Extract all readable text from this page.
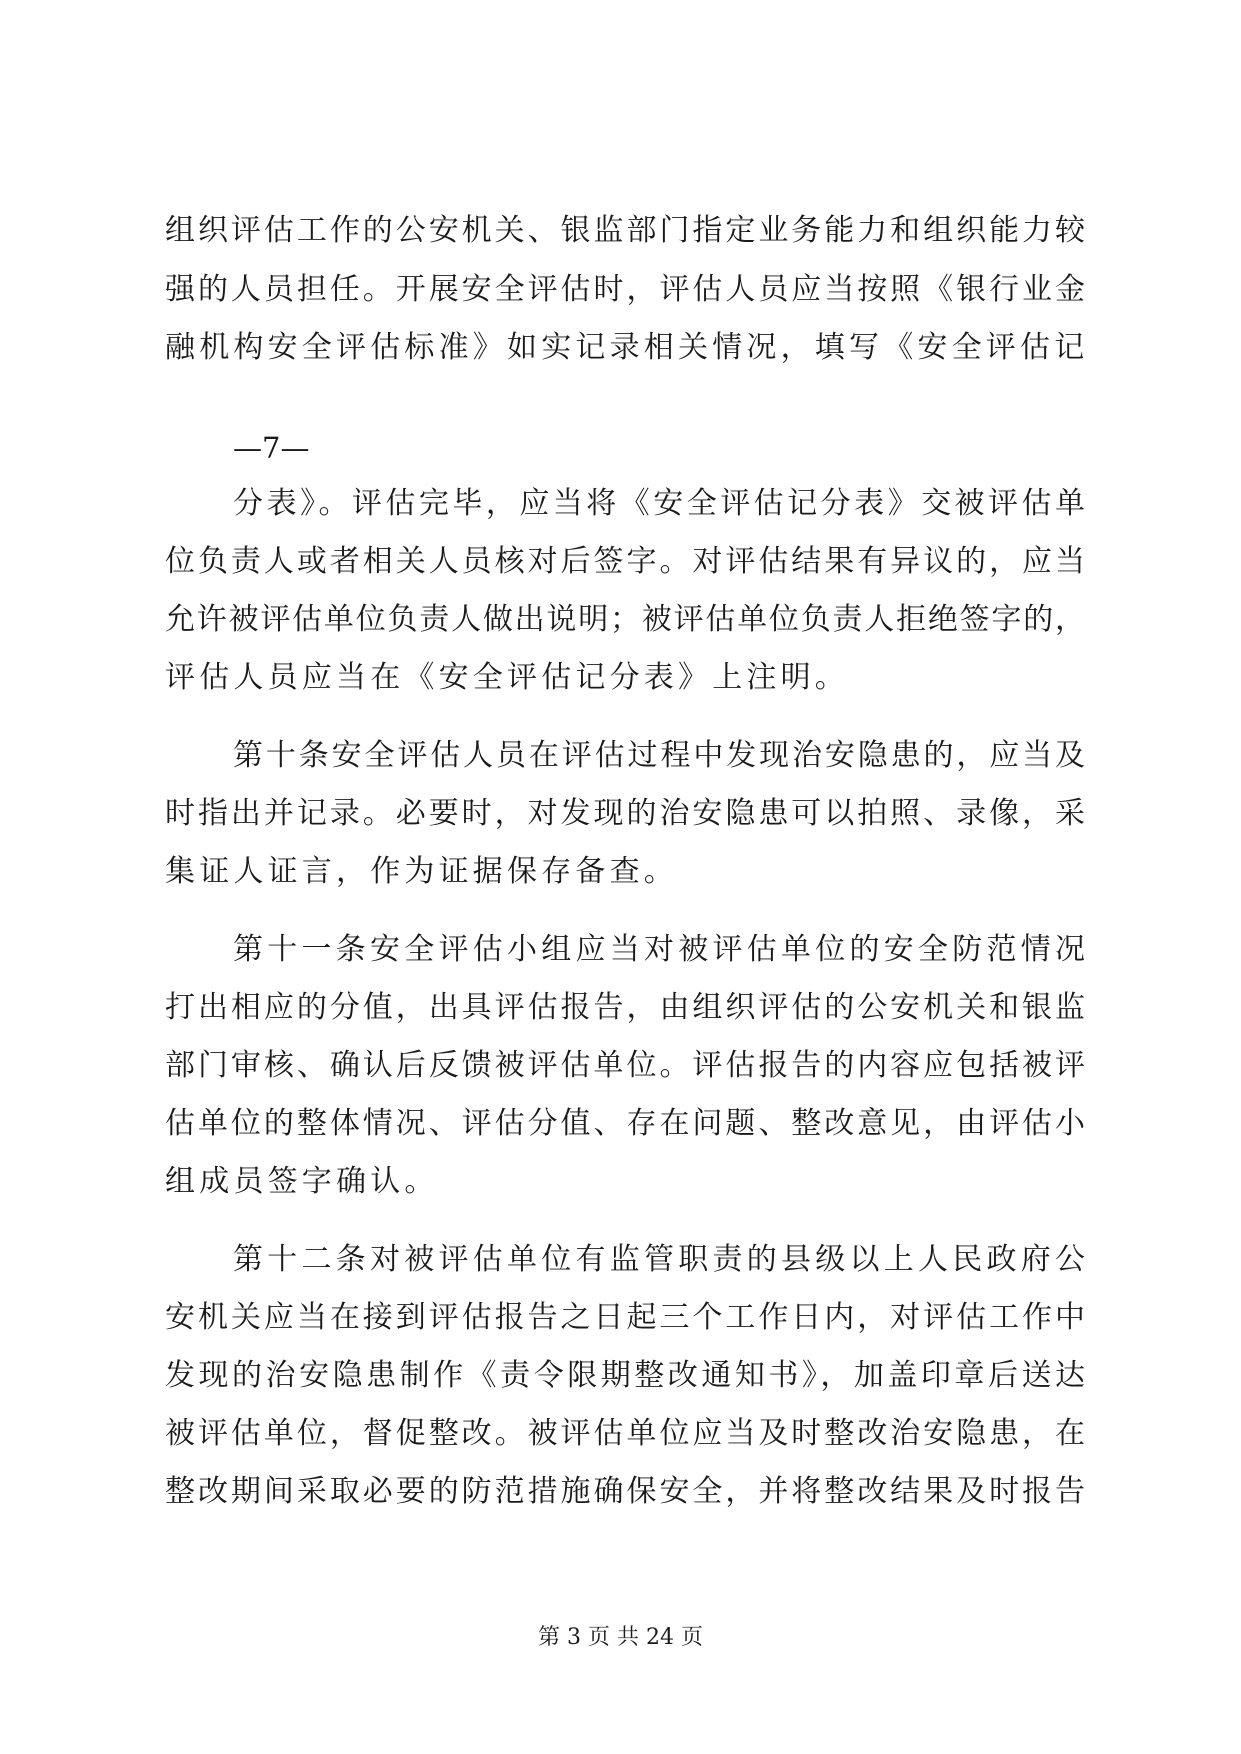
组织评估工作的公安机关、银监部门指定业务能力和组织能力较
强的人员担任。开展安全评估时，评估人员应当按照《银行业金
融机构安全评估标准》如实记录相关情况，填写《安全评估记
—7—
分表》。评估完毕，应当将《安全评估记分表》交被评估单
位负责人或者相关人员核对后签字。对评估结果有异议的，应当
允许被评估单位负责人做出说明；被评估单位负责人拒绝签字的，
评估人员应当在《安全评估记分表》上注明。
第十条安全评估人员在评估过程中发现治安隐患的，应当及
时指出并记录。必要时，对发现的治安隐患可以拍照、录像，采
集证人证言，作为证据保存备查。
第十一条安全评估小组应当对被评估单位的安全防范情况
打出相应的分值，出具评估报告，由组织评估的公安机关和银监
部门审核、确认后反馈被评估单位。评估报告的内容应包括被评
估单位的整体情况、评估分值、存在问题、整改意见，由评估小
组成员签字确认。
第十二条对被评估单位有监管职责的县级以上人民政府公
安机关应当在接到评估报告之日起三个工作日内，对评估工作中
发现的治安隐患制作《责令限期整改通知书》，加盖印章后送达
被评估单位，督促整改。被评估单位应当及时整改治安隐患，在
整改期间采取必要的防范措施确保安全，并将整改结果及时报告
第 3 页 共 24 页
